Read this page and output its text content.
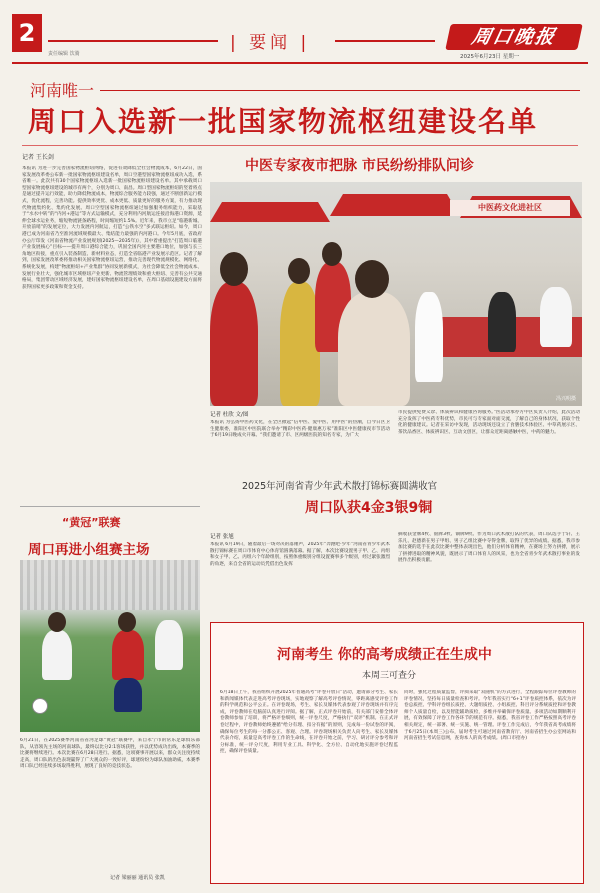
2
责任编辑 饮骑
| 要闻 |	周口晚报
2025年6月23日 星期一
河南唯一
周口入选新一批国家物流枢纽建设名单
记者 王长剑
本报讯 为进一步完善国家物流枢纽网络，促进有效降低全社会物流成本，6月22日，国家发展改革委公布新一批国家物流枢纽建设名单，周口空港型国家物流枢纽成功入选，系省唯一。此次共有30个国家物流枢纽入选新一批国家物流枢纽建设名单。其中承载周口型国家物流枢纽建设的城市有两个，分别为周口、南昌。周口型国家物流枢纽的竖着将点是通过提升运行效能，助力降低物流成本，物流综合服务能力较强，通过不断创新运行模式，优化流程，完善功能。提供效率更优、成本更低、质量更好的服务方案，有力推动现代物流集约化、集约化发展。周口空型国家物流枢纽通过加强服务组织能力，采取基于“水水中转”的“内河+港运”等方式运输模式，充分利用内河航运连接沿海港口资源，延伸全球水运业务，缩短物流链条路程，时间缩短约1.5%。近年来，我市立足“临港新城、开放前哨”的发展定位，大力发展内河航运，打造“公铁水空”多式联运枢纽。如今，周口港已成为河南省乃至淮河流域规模最大、集结能力最强的内河港口。今年5月底，省政府办公厅印发《河南省物流产业发展规划(2025—2035年)》，其中着重提出“打造周口临港产业发展核心”目标——提升周口港综合能力，巩固全国内河主要港口地位，加强与长三角地区衔接，重点引入装备制造、新材料业态，打造全省临港产业发展示范区。记者了解到，国家发展改革委将推动相关国家物流枢纽运营，推动完善现代物流规模化、网络化、系统化发展，构建“物流枢纽+产业集群”协同发展新模式，为社会降低全社会物流成本、发展行业壮大，强化城市区域枢纽产业更新、物流管理绩效和重大枢纽、完善有公共交通格局，集团带动区域经济发展，建好国家物流枢纽建设名单，在周口基础设施建设方面将获得国家更多政策和资金支持。
中医专家夜市把脉 市民纷纷排队问诊
中医药文化进社区
冯兴明摄
记者 杜欣 文/图
本报讯 为弘扬中医药文化，在全区掀起“信中医、爱中医、用中医”的热潮，自今日区卫生健康委，准阳区中医院联合举办“精彩中医药·健康惠万家”准阳区中医健康夜市节活动于6月19日晚成火开幕。“我们邀请了市、区两级医院的知名专家，为广大
市民提供免费义诊、体质辨识和健康咨询服务。”医活动承办方中区负责人介绍，此次活动充分发挥了中医药专科优势，市民可与专家面对面交流，了解自己的身体状况，获取个性化的健康建议。记者在采访中发现，活动现场还设立了食膳技术体验区、中草药展示区、茶饮品香区、体质辨识区、互动文创区，让群众近距离感触中医，中药的魅力。
2025年河南省青少年武术散打锦标赛圆满收官
周口队获4金3银9铜
记者 张旭
本报讯 6月19日，随着最后一场对决的落锤声，2025年“奔跑吧·少年”河南省青少年武术散打锦标赛在周口市体育中心体育馆圆满落幕。据了解，本次比赛设置男子甲、乙、丙组和女子甲、乙、丙组六个年龄组别，按照体重级别分组设置赛事多个级别，经过紧张激烈的角逐，来自全省的运动员凭借出色发挥
摘收获金牌4枚、银牌3枚、铜牌9枚。作为周口武术散打队的代表，周口队选手于轩、王乐凡、赵德新在男子甲组、男子乙组比赛中夺得金牌，取得了优异的成绩。据悉，我市参加比赛的选手在此次比赛中整体表现出色，他们分析体育精神，在赛场上努力拼搏，展示了拼搏进取的精神风貌，既展示了周口体育人的风采，也为全省青少年武术散打事业的发展作出积极贡献。
“黄冠”联赛
周口再进小组赛主场
6月21日，在2025赛季河南省省河足球“黄冠”联赛中，来自永宁市的常乐足球俱乐部队，从容领先主场的河南球队，最终以比分2:1客场获胜，并以优势成功出线，本赛季的比赛将继续进行。本次比赛在6月28日进行。据悉，这项赛事开展以来，群众关注度持续走高，周口队的出色表现赢得了广大观众的一致好评，球迷纷纷为球队加油助威，本赛季周口队已经连续多场取得胜利，展现了良好的竞技状态。
记者 梁丽丽 通讯员 张凯
河南考生 你的高考成绩正在生成中
本周三可查分
6月18日上午，我省组织开展2025年普通高考“评卷开放日”活动，邀请部分考生、家长和新闻媒体代表走进高考评卷现场，实地观察了解高考评卷情况，零距离感受评卷工作的科学规范和公平公正。在评卷现场，考生、家长及媒体代表参观了评卷现场并有序完成，评卷教师在电脑前认真进行评阅。据了解，正式评卷开始前，有关部门安排全体评卷教师参加了培训，将严格评卷细则，统一评卷尺度，严格执行“双评”机制。在正式评卷过程中，评卷教师始终遵循“给分有理、扣分有据”的原则，完成每一份试卷的评阅，确保每位考生的每一分都公正、客观、合理。评卷现场相关负责人向考生、家长及媒体代表介绍，质量是高考评卷工作的生命线，在评卷开始之前，学习、研讨评分参考和评分标准，统一评分尺度，利用专业工具、科学化、全方位、自动化地实施评卷过程监控，确保评卷质量。
同时，强化过程质量监督，评阅采取“双随机”的方式进行，全程跟踪每位评卷教师的评卷情况，坚持每日质量检查和考评。今年我省实行“6+1”评卷质控体系，依次为评卷总质控、学科评卷组长质控、大题组质控、小组质控、科目评分系统质控和评卷教师个人质量自检，以及智能辅助质检，多维并举确保评卷质量。多项活动如期顺利开展，有效保障了评卷工作各环节的规范有序。据悉，我省评卷工作严格按照高考评卷相关规定，统一部署、统一实施、统一管理。评卷工作完成后，今年我省高考成绩将于6月25日(本周三)公布，届时考生可通过河南省教育厅、河南省招生办公室网站和河南省招生考试信息网，查询本人的高考成绩。(周口市招办)
